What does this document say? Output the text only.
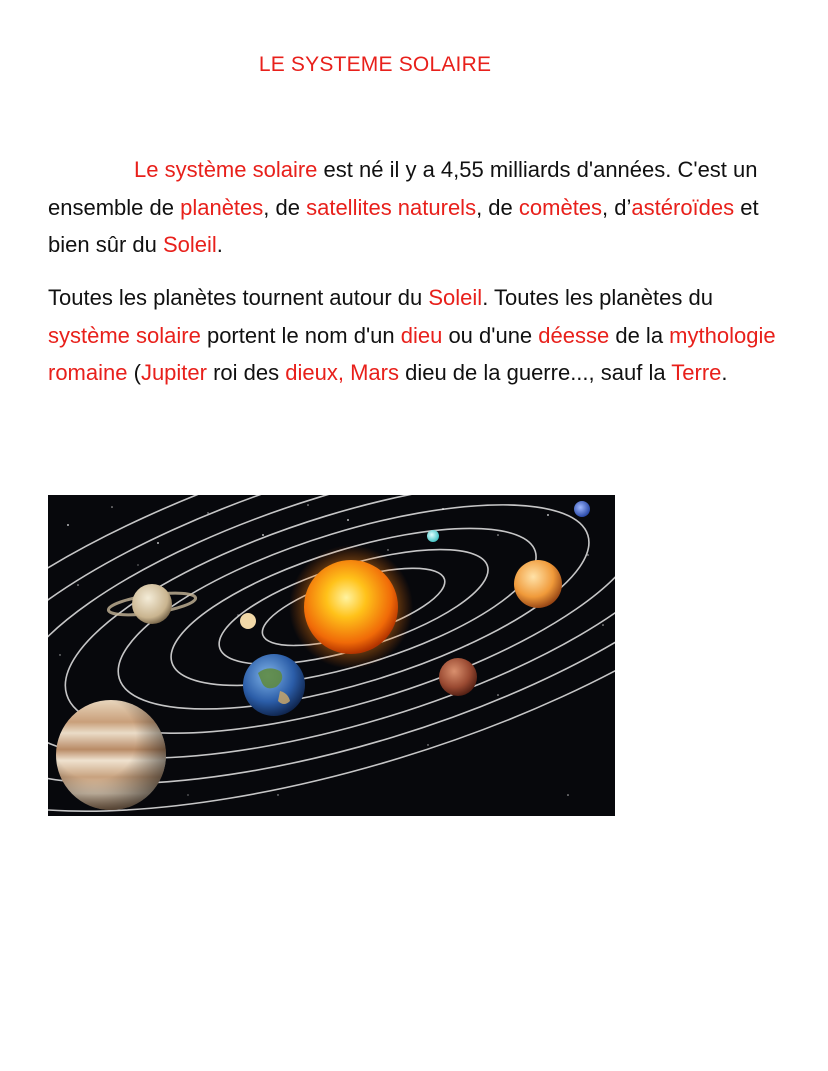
LE SYSTEME SOLAIRE

Le système solaire est né il y a 4,55 milliards d'années. C'est un ensemble de planètes, de satellites naturels, de comètes, d’astéroïdes et bien sûr du Soleil.

Toutes les planètes tournent autour du Soleil. Toutes les planètes du système solaire portent le nom d'un dieu ou d'une déesse de la mythologie romaine (Jupiter roi des dieux, Mars dieu de la guerre..., sauf la Terre.
